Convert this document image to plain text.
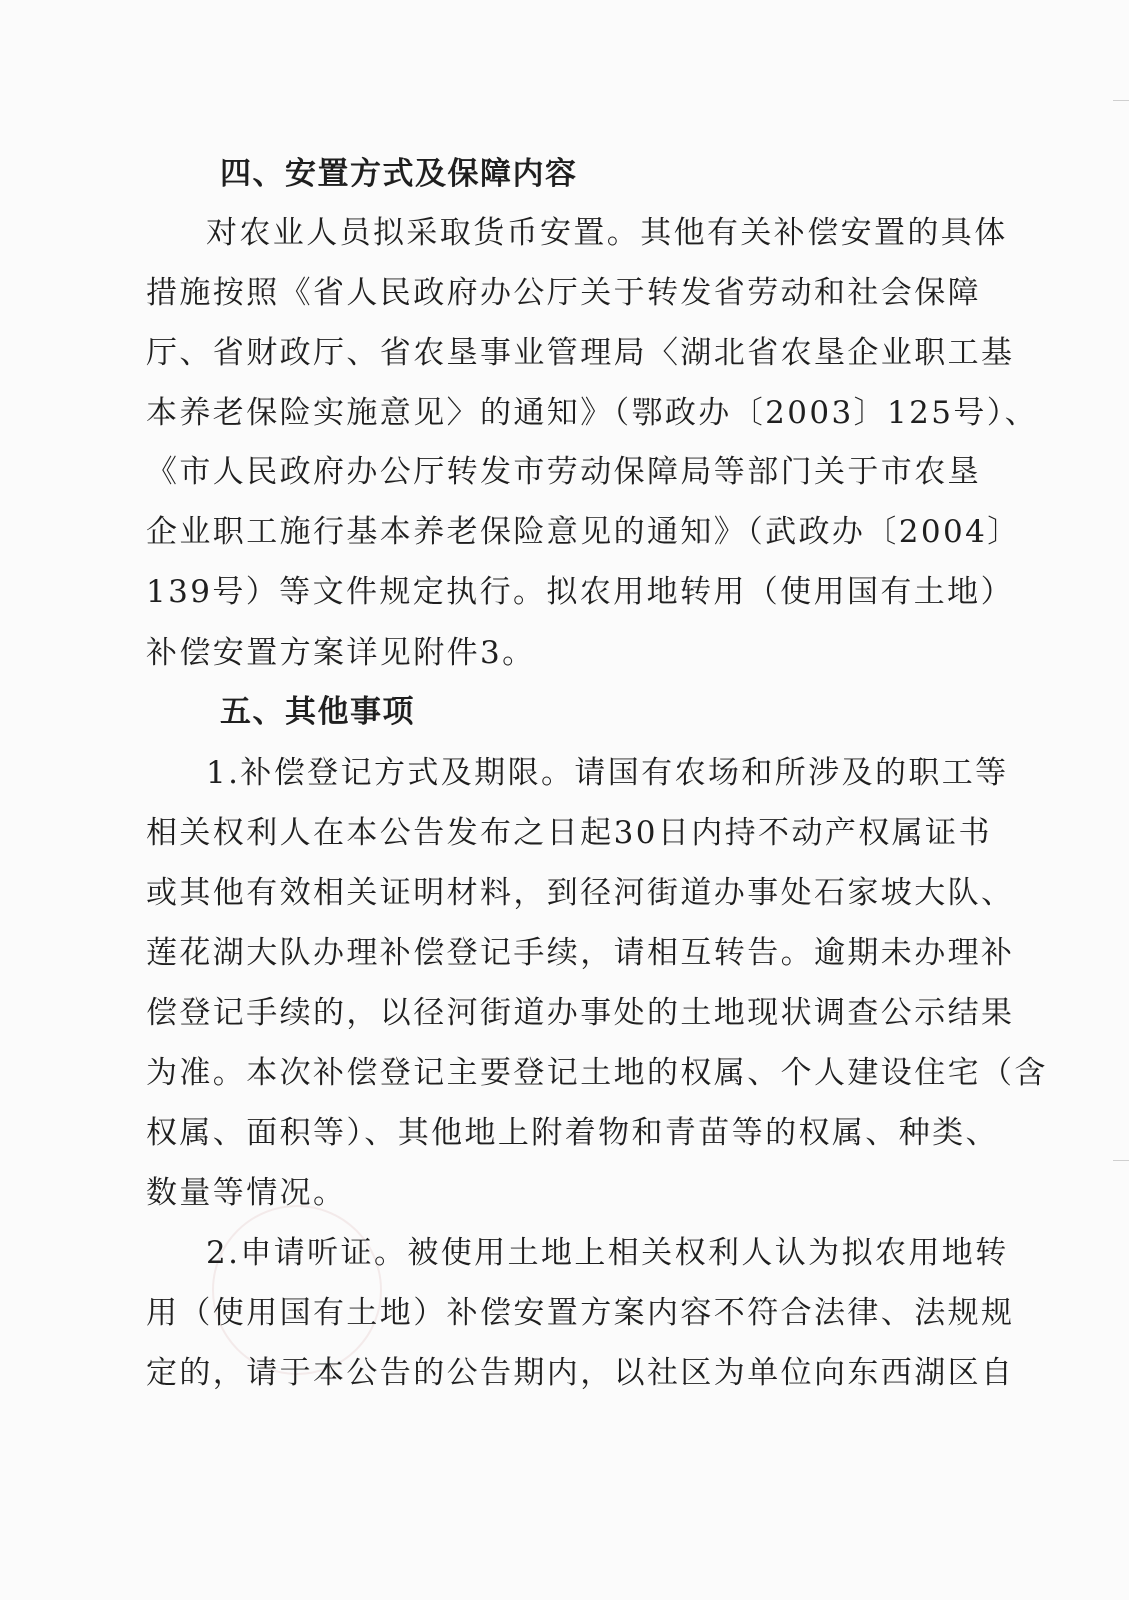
四、安置方式及保障内容
对农业人员拟采取货币安置。其他有关补偿安置的具体
措施按照《省人民政府办公厅关于转发省劳动和社会保障
厅、省财政厅、省农垦事业管理局〈湖北省农垦企业职工基
本养老保险实施意见〉的通知》（鄂政办〔2003〕125号）、
《市人民政府办公厅转发市劳动保障局等部门关于市农垦
企业职工施行基本养老保险意见的通知》（武政办〔2004〕
139号）等文件规定执行。拟农用地转用（使用国有土地）
补偿安置方案详见附件3。
五、其他事项
1.补偿登记方式及期限。请国有农场和所涉及的职工等
相关权利人在本公告发布之日起30日内持不动产权属证书
或其他有效相关证明材料，到径河街道办事处石家坡大队、
莲花湖大队办理补偿登记手续，请相互转告。逾期未办理补
偿登记手续的，以径河街道办事处的土地现状调查公示结果
为准。本次补偿登记主要登记土地的权属、个人建设住宅（含
权属、面积等）、其他地上附着物和青苗等的权属、种类、
数量等情况。
2.申请听证。被使用土地上相关权利人认为拟农用地转
用（使用国有土地）补偿安置方案内容不符合法律、法规规
定的，请于本公告的公告期内，以社区为单位向东西湖区自
